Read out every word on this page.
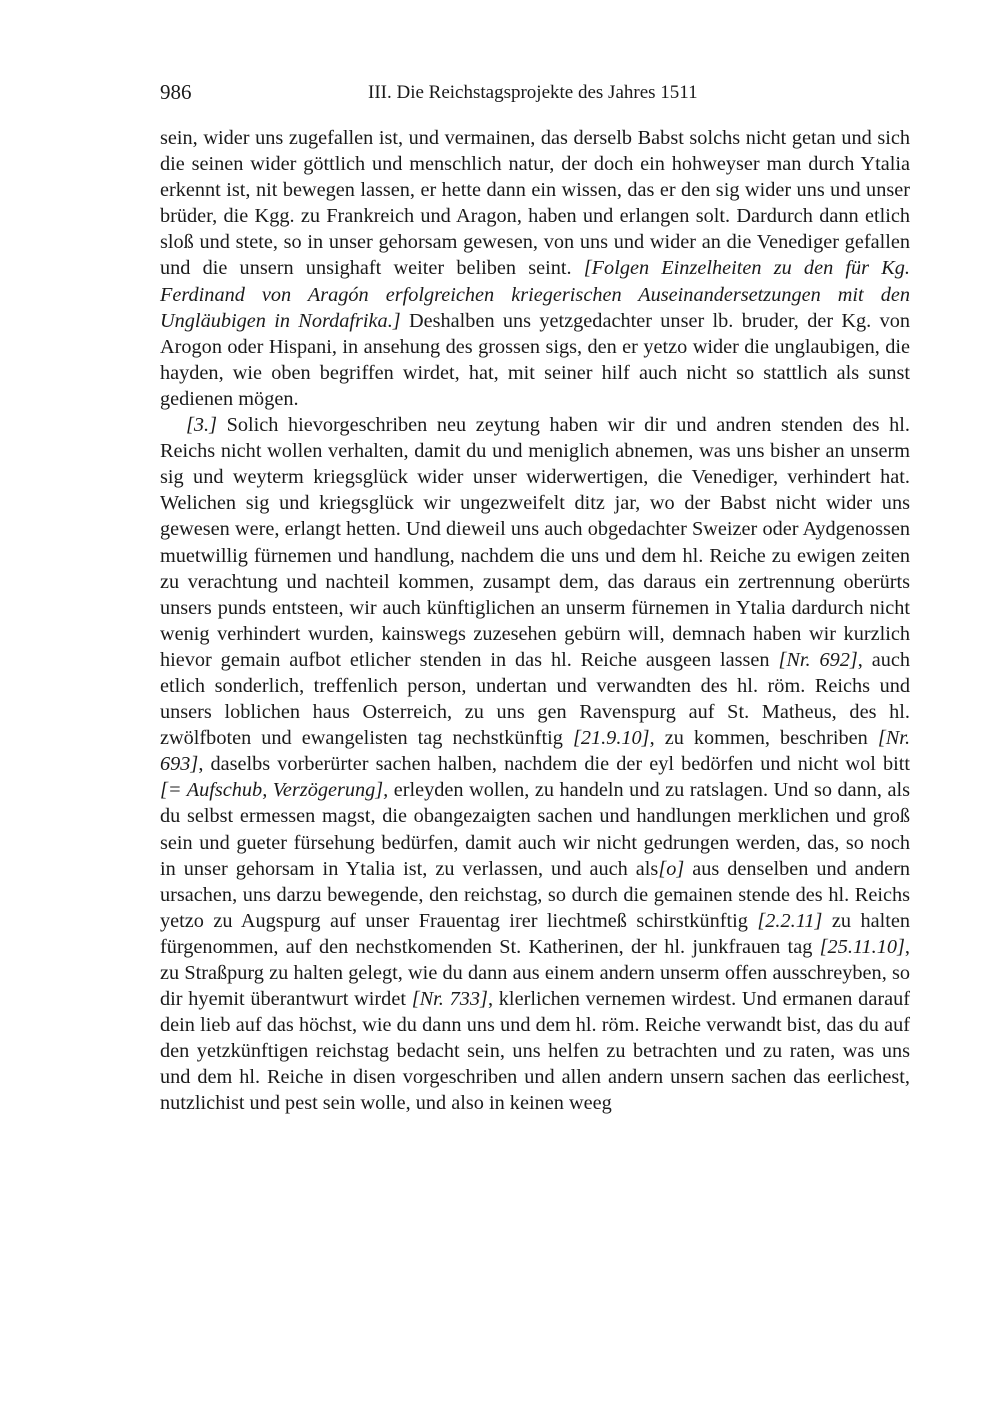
986	III. Die Reichstagsprojekte des Jahres 1511

sein, wider uns zugefallen ist, und vermainen, das derselb Babst solchs nicht getan und sich die seinen wider göttlich und menschlich natur, der doch ein hohweyser man durch Ytalia erkennt ist, nit bewegen lassen, er hette dann ein wissen, das er den sig wider uns und unser brüder, die Kgg. zu Frankreich und Aragon, haben und erlangen solt. Dardurch dann etlich sloß und stete, so in unser gehorsam gewesen, von uns und wider an die Venediger gefallen und die unsern unsighaft weiter beliben seint. [Folgen Einzelheiten zu den für Kg. Ferdinand von Aragón erfolgreichen kriegerischen Auseinandersetzungen mit den Ungläubigen in Nordafrika.] Deshalben uns yetzgedachter unser lb. bruder, der Kg. von Arogon oder Hispani, in ansehung des grossen sigs, den er yetzo wider die unglaubigen, die hayden, wie oben begriffen wirdet, hat, mit seiner hilf auch nicht so stattlich als sunst gedienen mögen.

[3.] Solich hievorgeschriben neu zeytung haben wir dir und andren stenden des hl. Reichs nicht wollen verhalten, damit du und meniglich abnemen, was uns bisher an unserm sig und weyterm kriegsglück wider unser widerwertigen, die Venediger, verhindert hat. Welichen sig und kriegsglück wir ungezweifelt ditz jar, wo der Babst nicht wider uns gewesen were, erlangt hetten. Und dieweil uns auch obgedachter Sweizer oder Aydgenossen muetwillig fürnemen und handlung, nachdem die uns und dem hl. Reiche zu ewigen zeiten zu verachtung und nachteil kommen, zusampt dem, das daraus ein zertrennung oberürts unsers punds entsteen, wir auch künftiglichen an unserm fürnemen in Ytalia dardurch nicht wenig verhindert wurden, kainswegs zuzesehen gebürn will, demnach haben wir kurzlich hievor gemain aufbot etlicher stenden in das hl. Reiche ausgeen lassen [Nr. 692], auch etlich sonderlich, treffenlich person, undertan und verwandten des hl. röm. Reichs und unsers loblichen haus Osterreich, zu uns gen Ravenspurg auf St. Matheus, des hl. zwölfboten und ewangelisten tag nechstkünftig [21.9.10], zu kommen, beschriben [Nr. 693], daselbs vorberürter sachen halben, nachdem die der eyl bedörfen und nicht wol bitt [= Aufschub, Verzögerung], erleyden wollen, zu handeln und zu ratslagen. Und so dann, als du selbst ermessen magst, die obangezaigten sachen und handlungen merklichen und groß sein und gueter fürsehung bedürfen, damit auch wir nicht gedrungen werden, das, so noch in unser gehorsam in Ytalia ist, zu verlassen, und auch als[o] aus denselben und andern ursachen, uns darzu bewegende, den reichstag, so durch die gemainen stende des hl. Reichs yetzo zu Augspurg auf unser Frauentag irer liechtmeß schirstkünftig [2.2.11] zu halten fürgenommen, auf den nechstkomenden St. Katherinen, der hl. junkfrauen tag [25.11.10], zu Straßpurg zu halten gelegt, wie du dann aus einem andern unserm offen ausschreyben, so dir hyemit überantwurt wirdet [Nr. 733], klerlichen vernemen wirdest. Und ermanen darauf dein lieb auf das höchst, wie du dann uns und dem hl. röm. Reiche verwandt bist, das du auf den yetzkünftigen reichstag bedacht sein, uns helfen zu betrachten und zu raten, was uns und dem hl. Reiche in disen vorgeschriben und allen andern unsern sachen das eerlichest, nutzlichist und pest sein wolle, und also in keinen weeg
